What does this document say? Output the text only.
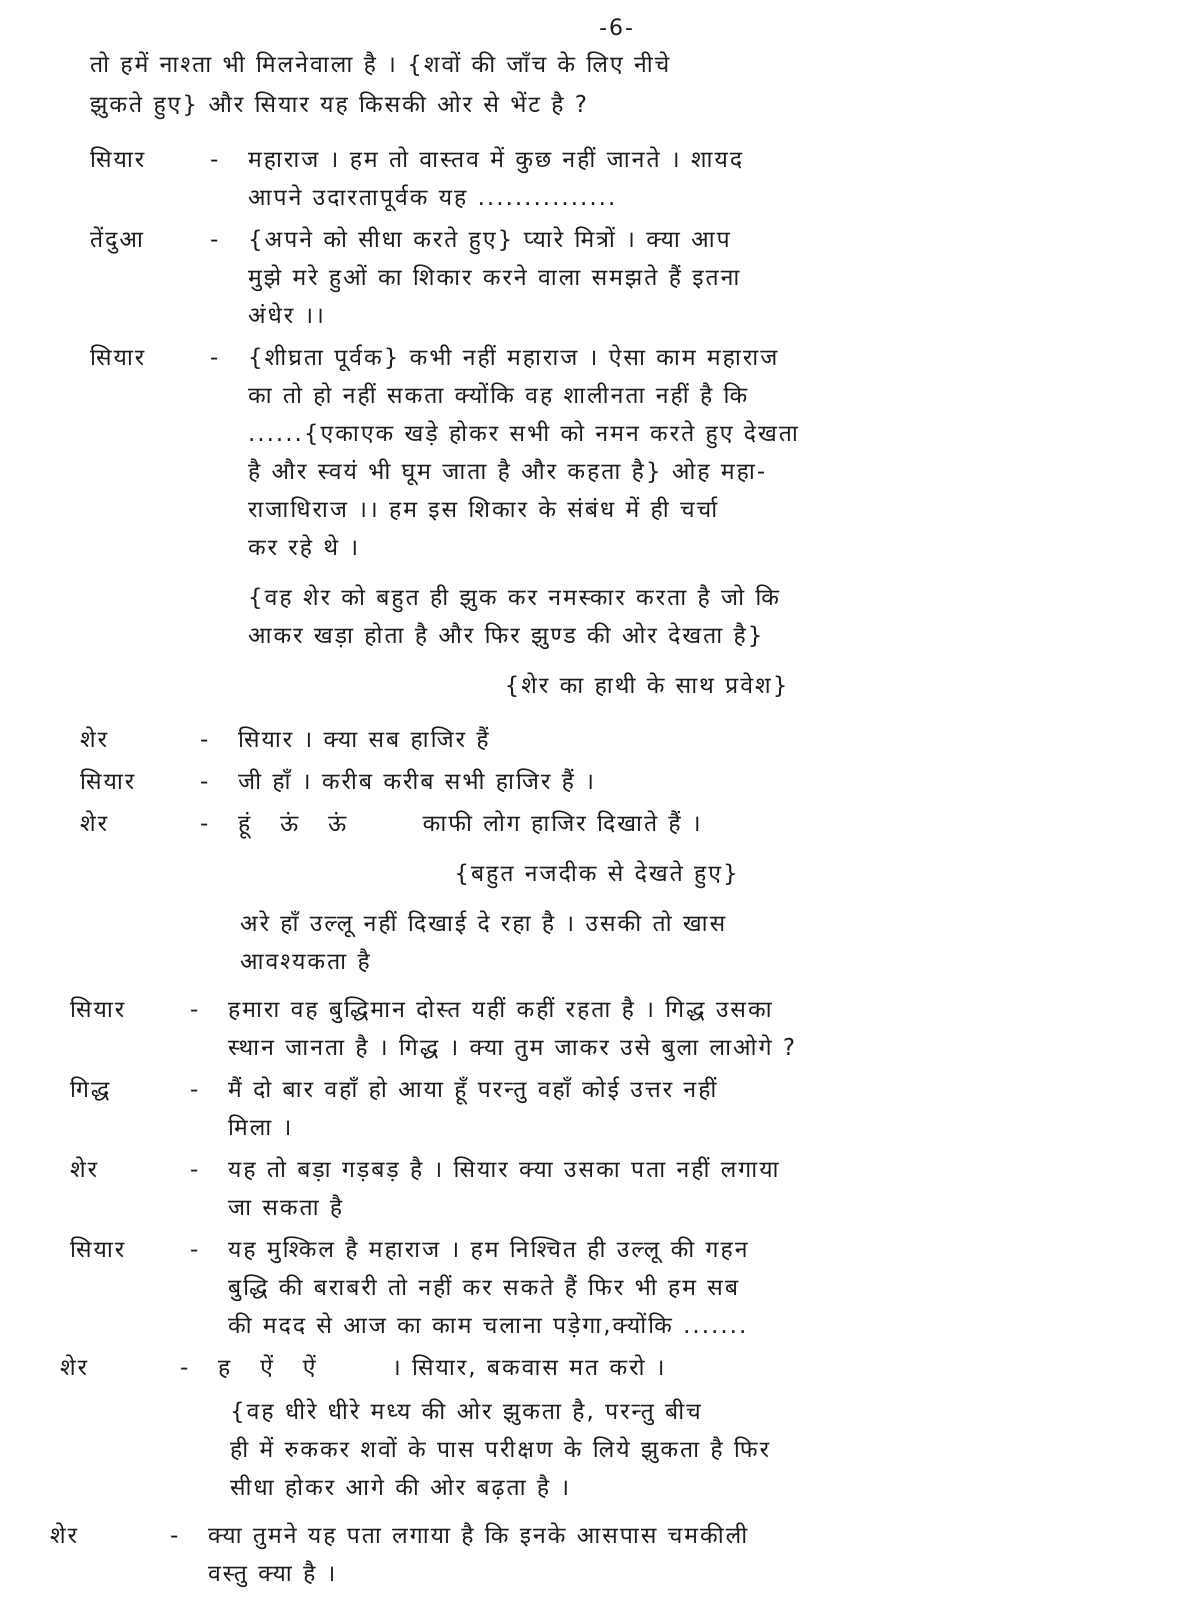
-6-
तो हमें नाश्ता भी मिलनेवाला है । {शवों की जाँच के लिए नीचे
झुकते हुए} और सियार यह किसकी ओर से भेंट है ?
सियार	-	महाराज । हम तो वास्तव में कुछ नहीं जानते । शायद
आपने उदारतापूर्वक यह ...............
तेंदुआ	-	{अपने को सीधा करते हुए} प्यारे मित्रों । क्या आप
मुझे मरे हुओं का शिकार करने वाला समझते हैं इतना
अंधेर ।।
सियार	-	{शीघ्रता पूर्वक} कभी नहीं महाराज । ऐसा काम महाराज
का तो हो नहीं सकता क्योंकि वह शालीनता नहीं है कि
......{एकाएक खड़े होकर सभी को नमन करते हुए देखता
है और स्वयं भी घूम जाता है और कहता है} ओह महा-
राजाधिराज ।। हम इस शिकार के संबंध में ही चर्चा
कर रहे थे ।
{वह शेर को बहुत ही झुक कर नमस्कार करता है जो कि
आकर खड़ा होता है और फिर झुण्ड की ओर देखता है}
{शेर का हाथी के साथ प्रवेश}
शेर	-	सियार । क्या सब हाजिर हैं
सियार	-	जी हाँ । करीब करीब सभी हाजिर हैं ।
शेर	-	हूं   ऊं   ऊं        काफी लोग हाजिर दिखाते हैं ।
{बहुत नजदीक से देखते हुए}
अरे हाँ उल्लू नहीं दिखाई दे रहा है । उसकी तो खास
आवश्यकता है
सियार	-	हमारा वह बुद्धिमान दोस्त यहीं कहीं रहता है । गिद्ध उसका
स्थान जानता है । गिद्ध । क्या तुम जाकर उसे बुला लाओगे ?
गिद्ध	-	मैं दो बार वहाँ हो आया हूँ परन्तु वहाँ कोई उत्तर नहीं
मिला ।
शेर	-	यह तो बड़ा गड़बड़ है । सियार क्या उसका पता नहीं लगाया
जा सकता है
सियार	-	यह मुश्किल है महाराज । हम निश्चित ही उल्लू की गहन
बुद्धि की बराबरी तो नहीं कर सकते हैं फिर भी हम सब
की मदद से आज का काम चलाना पड़ेगा,क्योंकि .......
शेर	-	ह   ऐं   ऐं        । सियार, बकवास मत करो ।
{वह धीरे धीरे मध्य की ओर झुकता है, परन्तु बीच
ही में रुककर शवों के पास परीक्षण के लिये झुकता है फिर
सीधा होकर आगे की ओर बढ़ता है ।
शेर	-	क्या तुमने यह पता लगाया है कि इनके आसपास चमकीली
वस्तु क्या है ।
